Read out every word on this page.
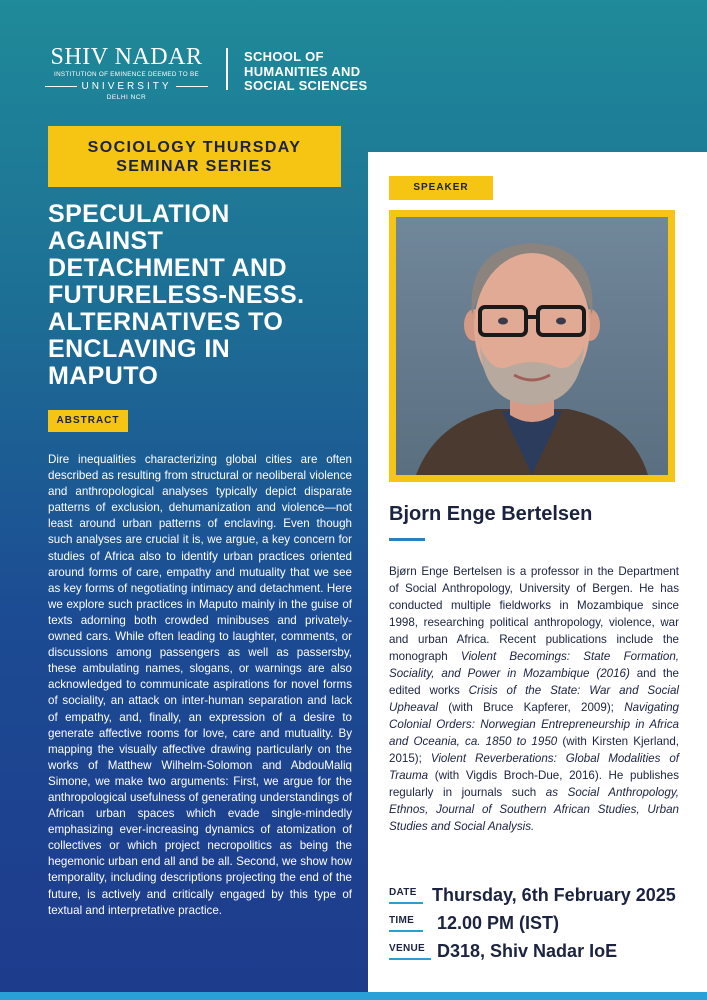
SHIV NADAR
INSTITUTION OF EMINENCE DEEMED TO BE
UNIVERSITY
DELHI NCR
SCHOOL OF
HUMANITIES AND
SOCIAL SCIENCES
SOCIOLOGY THURSDAY
SEMINAR SERIES
SPECULATION
AGAINST
DETACHMENT AND
FUTURELESS-NESS.
ALTERNATIVES TO
ENCLAVING IN
MAPUTO
ABSTRACT

Dire inequalities characterizing global cities are often described as resulting from structural or neoliberal violence and anthropological analyses typically depict disparate patterns of exclusion, dehumanization and violence—not least around urban patterns of enclaving. Even though such analyses are crucial it is, we argue, a key concern for studies of Africa also to identify urban practices oriented around forms of care, empathy and mutuality that we see as key forms of negotiating intimacy and detachment. Here we explore such practices in Maputo mainly in the guise of texts adorning both crowded minibuses and privately-owned cars. While often leading to laughter, comments, or discussions among passengers as well as passersby, these ambulating names, slogans, or warnings are also acknowledged to communicate aspirations for novel forms of sociality, an attack on inter-human separation and lack of empathy, and, finally, an expression of a desire to generate affective rooms for love, care and mutuality. By mapping the visually affective drawing particularly on the works of Matthew Wilhelm-Solomon and AbdouMaliq Simone, we make two arguments: First, we argue for the anthropological usefulness of generating understandings of African urban spaces which evade single-mindedly emphasizing ever-increasing dynamics of atomization of collectives or which project necropolitics as being the hegemonic urban end all and be all. Second, we show how temporality, including descriptions projecting the end of the future, is actively and critically engaged by this type of textual and interpretative practice.

SPEAKER
Bjorn Enge Bertelsen

Bjørn Enge Bertelsen is a professor in the Department of Social Anthropology, University of Bergen. He has conducted multiple fieldworks in Mozambique since 1998, researching political anthropology, violence, war and urban Africa. Recent publications include the monograph Violent Becomings: State Formation, Sociality, and Power in Mozambique (2016) and the edited works Crisis of the State: War and Social Upheaval (with Bruce Kapferer, 2009); Navigating Colonial Orders: Norwegian Entrepreneurship in Africa and Oceania, ca. 1850 to 1950 (with Kirsten Kjerland, 2015); Violent Reverberations: Global Modalities of Trauma (with Vigdis Broch-Due, 2016). He publishes regularly in journals such as Social Anthropology, Ethnos, Journal of Southern African Studies, Urban Studies and Social Analysis.

DATE Thursday, 6th February 2025
TIME 12.00 PM (IST)
VENUE D318, Shiv Nadar IoE
